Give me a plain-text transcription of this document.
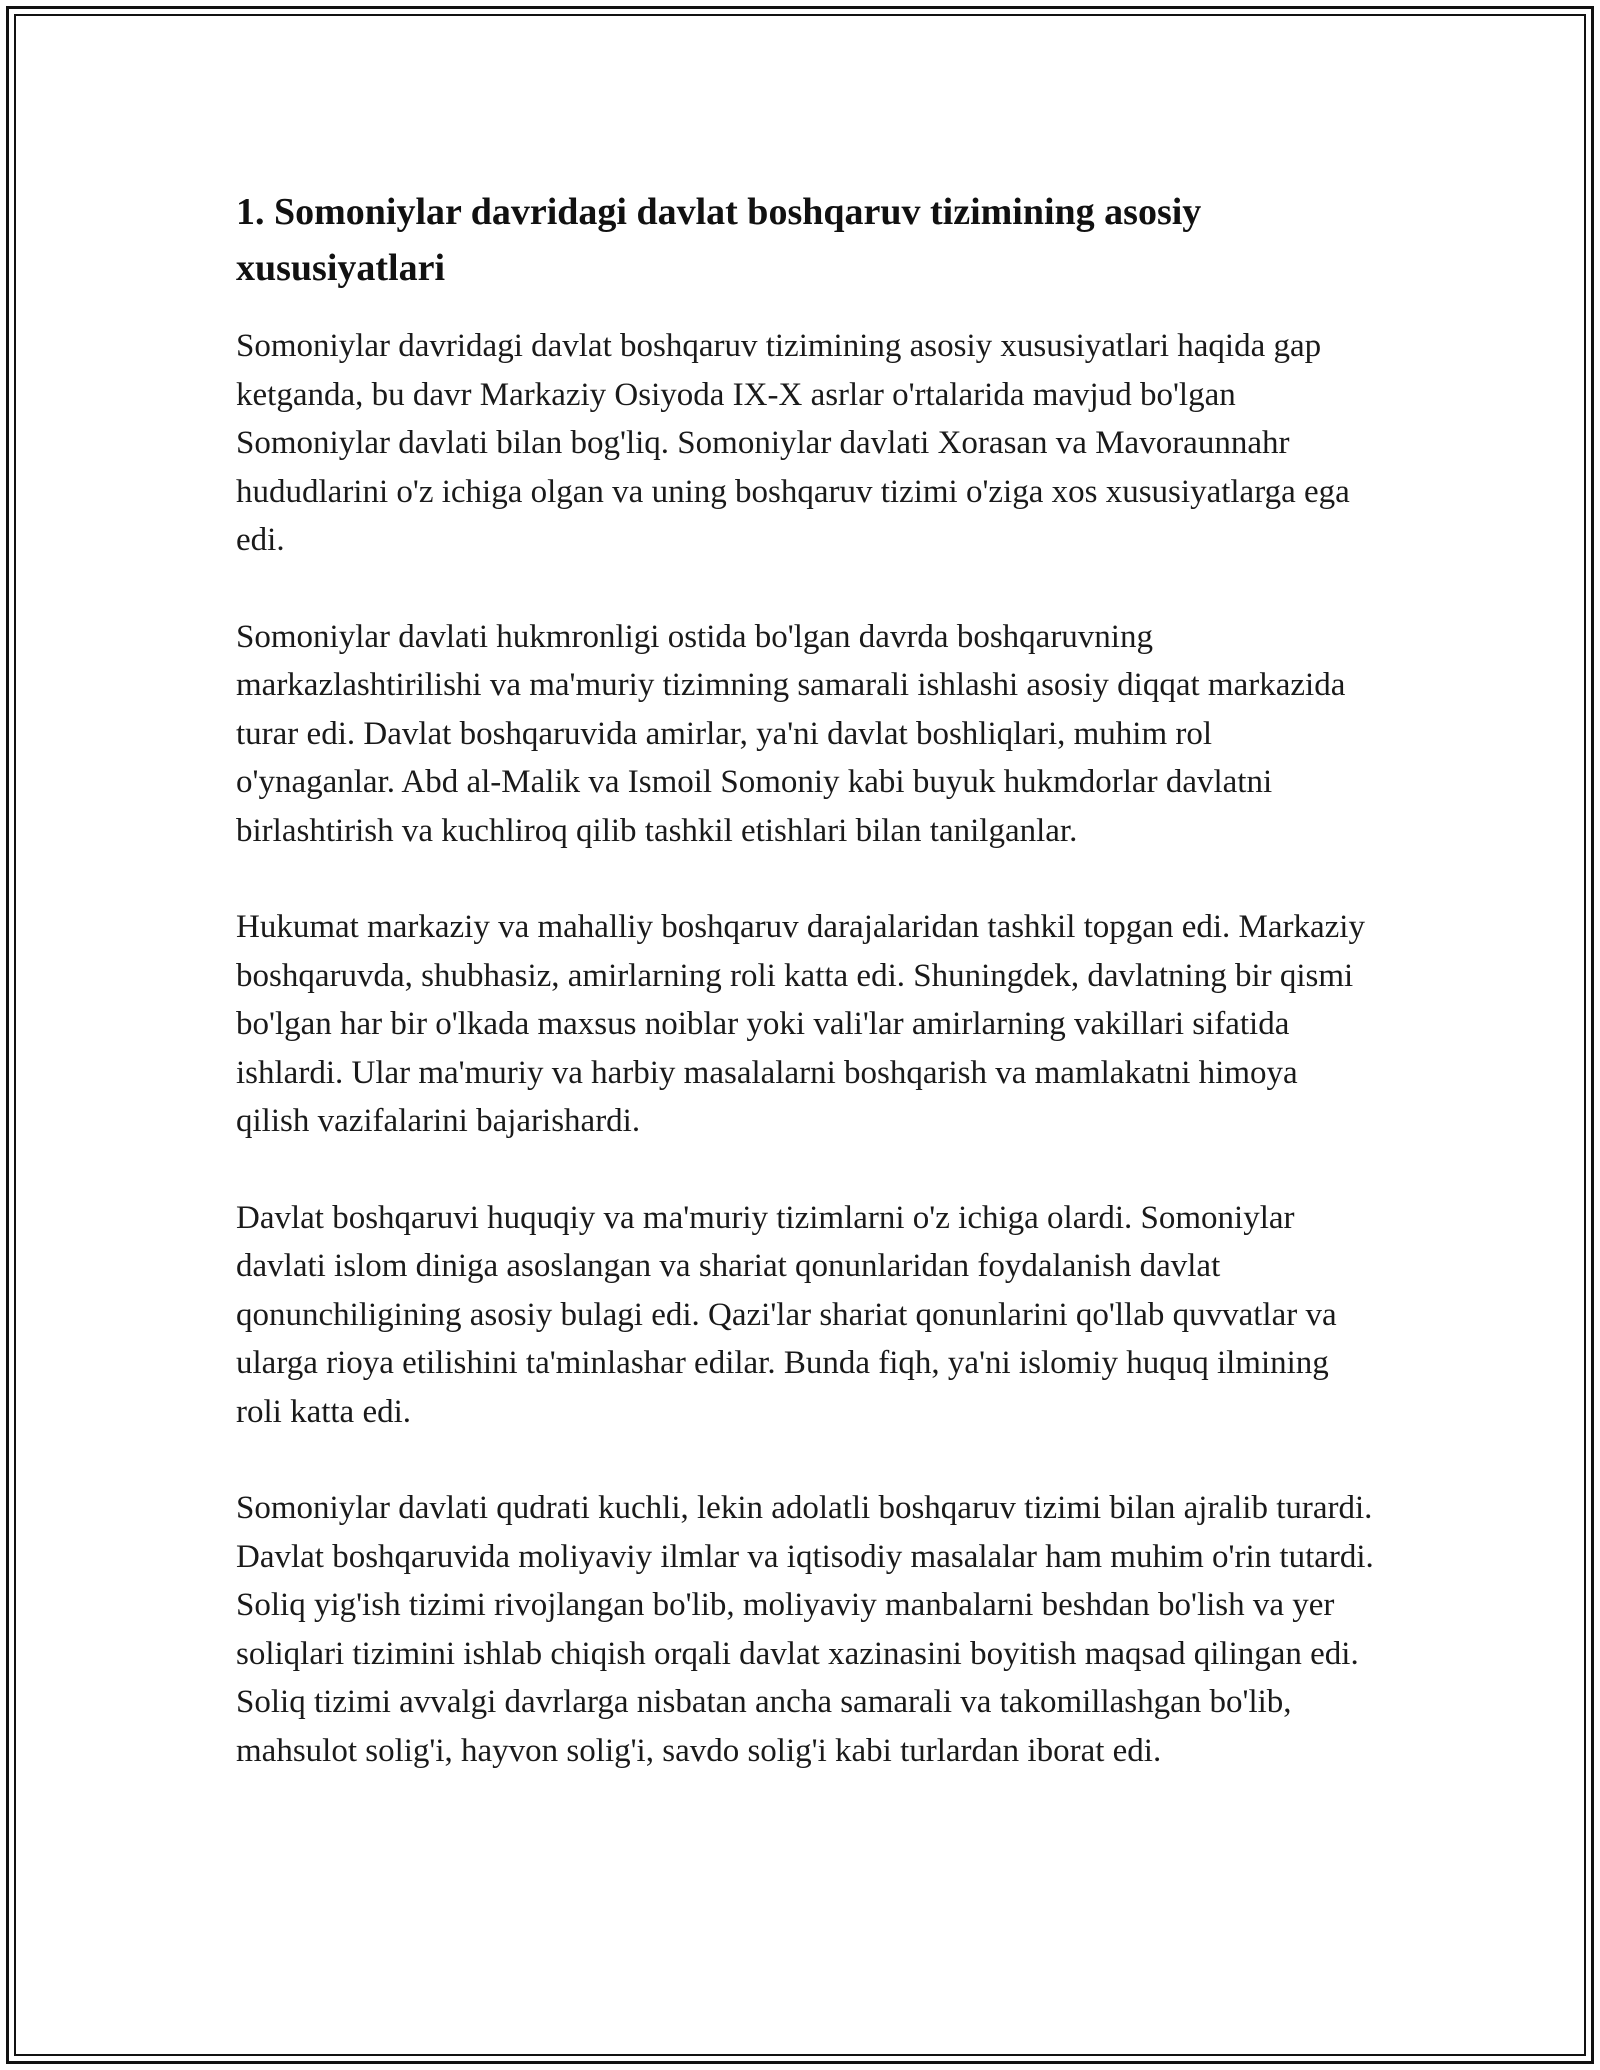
1. Somoniylar davridagi davlat boshqaruv tizimining asosiy xususiyatlari

Somoniylar davridagi davlat boshqaruv tizimining asosiy xususiyatlari haqida gap ketganda, bu davr Markaziy Osiyoda IX-X asrlar o'rtalarida mavjud bo'lgan Somoniylar davlati bilan bog'liq. Somoniylar davlati Xorasan va Mavoraunnahr hududlarini o'z ichiga olgan va uning boshqaruv tizimi o'ziga xos xususiyatlarga ega edi.

Somoniylar davlati hukmronligi ostida bo'lgan davrda boshqaruvning markazlashtirilishi va ma'muriy tizimning samarali ishlashi asosiy diqqat markazida turar edi. Davlat boshqaruvida amirlar, ya'ni davlat boshliqlari, muhim rol o'ynaganlar. Abd al-Malik va Ismoil Somoniy kabi buyuk hukmdorlar davlatni birlashtirish va kuchliroq qilib tashkil etishlari bilan tanilganlar.

Hukumat markaziy va mahalliy boshqaruv darajalaridan tashkil topgan edi. Markaziy boshqaruvda, shubhasiz, amirlarning roli katta edi. Shuningdek, davlatning bir qismi bo'lgan har bir o'lkada maxsus noiblar yoki vali'lar amirlarning vakillari sifatida ishlardi. Ular ma'muriy va harbiy masalalarni boshqarish va mamlakatni himoya qilish vazifalarini bajarishardi.

Davlat boshqaruvi huquqiy va ma'muriy tizimlarni o'z ichiga olardi. Somoniylar davlati islom diniga asoslangan va shariat qonunlaridan foydalanish davlat qonunchiligining asosiy bulagi edi. Qazi'lar shariat qonunlarini qo'llab quvvatlar va ularga rioya etilishini ta'minlashar edilar. Bunda fiqh, ya'ni islomiy huquq ilmining roli katta edi.

Somoniylar davlati qudrati kuchli, lekin adolatli boshqaruv tizimi bilan ajralib turardi. Davlat boshqaruvida moliyaviy ilmlar va iqtisodiy masalalar ham muhim o'rin tutardi. Soliq yig'ish tizimi rivojlangan bo'lib, moliyaviy manbalarni beshdan bo'lish va yer soliqlari tizimini ishlab chiqish orqali davlat xazinasini boyitish maqsad qilingan edi. Soliq tizimi avvalgi davrlarga nisbatan ancha samarali va takomillashgan bo'lib, mahsulot solig'i, hayvon solig'i, savdo solig'i kabi turlardan iborat edi.
